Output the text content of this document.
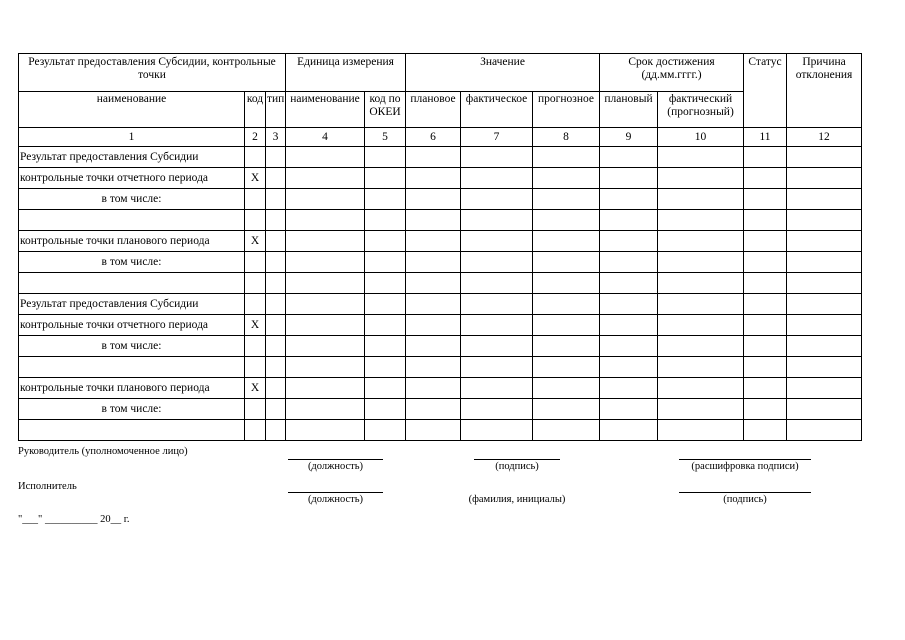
Результат предоставления Субсидии, контрольные точки			Единица измерения		Значение			Срок достижения (дд.мм.гггг.)		Статус	Причина отклонения
наименование	код	тип	наименование	код по ОКЕИ	плановое	фактическое	прогнозное	плановый	фактический (прогнозный)		
1	2	3	4	5	6	7	8	9	10	11	12
Результат предоставления Субсидии											
контрольные точки отчетного периода	X										
в том числе:											

контрольные точки планового периода	X										
в том числе:											

Результат предоставления Субсидии											
контрольные точки отчетного периода	X										
в том числе:											

контрольные точки планового периода	X										
в том числе:											

Руководитель (уполномоченное лицо)
(должность)	(подпись)	(расшифровка подписи)
Исполнитель
(должность)	(фамилия, инициалы)	(подпись)
"___" __________ 20__ г.
